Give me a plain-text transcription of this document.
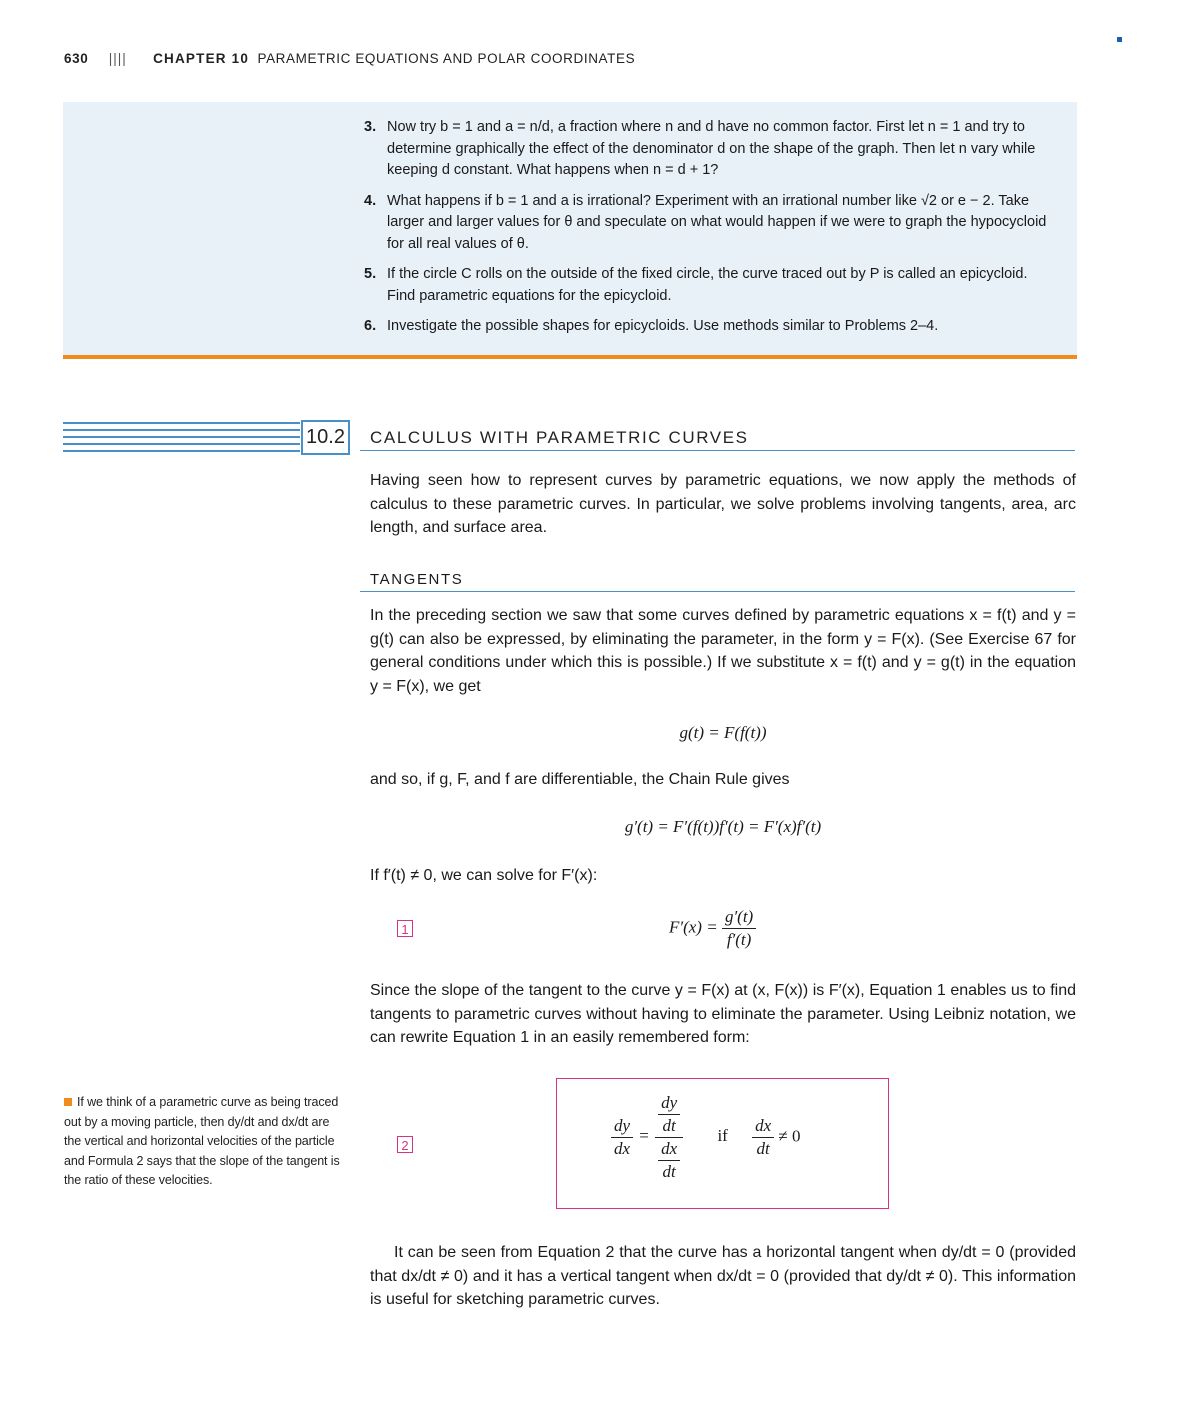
630 |||| CHAPTER 10 PARAMETRIC EQUATIONS AND POLAR COORDINATES
3. Now try b = 1 and a = n/d, a fraction where n and d have no common factor. First let n = 1 and try to determine graphically the effect of the denominator d on the shape of the graph. Then let n vary while keeping d constant. What happens when n = d + 1?
4. What happens if b = 1 and a is irrational? Experiment with an irrational number like √2 or e − 2. Take larger and larger values for θ and speculate on what would happen if we were to graph the hypocycloid for all real values of θ.
5. If the circle C rolls on the outside of the fixed circle, the curve traced out by P is called an epicycloid. Find parametric equations for the epicycloid.
6. Investigate the possible shapes for epicycloids. Use methods similar to Problems 2–4.
10.2 CALCULUS WITH PARAMETRIC CURVES
Having seen how to represent curves by parametric equations, we now apply the methods of calculus to these parametric curves. In particular, we solve problems involving tangents, area, arc length, and surface area.
TANGENTS
In the preceding section we saw that some curves defined by parametric equations x = f(t) and y = g(t) can also be expressed, by eliminating the parameter, in the form y = F(x). (See Exercise 67 for general conditions under which this is possible.) If we substitute x = f(t) and y = g(t) in the equation y = F(x), we get
g(t) = F(f(t))
and so, if g, F, and f are differentiable, the Chain Rule gives
g′(t) = F′(f(t))f′(t) = F′(x)f′(t)
If f′(t) ≠ 0, we can solve for F′(x):
1	$F'(x) = \frac{g'(t)}{f'(t)}$
Since the slope of the tangent to the curve y = F(x) at (x, F(x)) is F′(x), Equation 1 enables us to find tangents to parametric curves without having to eliminate the parameter. Using Leibniz notation, we can rewrite Equation 1 in an easily remembered form:
2	$\frac{dy}{dx} = \frac{\frac{dy}{dt}}{\frac{dx}{dt}}$ if $\frac{dx}{dt} \ne 0$
If we think of a parametric curve as being traced out by a moving particle, then dy/dt and dx/dt are the vertical and horizontal velocities of the particle and Formula 2 says that the slope of the tangent is the ratio of these velocities.
It can be seen from Equation 2 that the curve has a horizontal tangent when dy/dt = 0 (provided that dx/dt ≠ 0) and it has a vertical tangent when dx/dt = 0 (provided that dy/dt ≠ 0). This information is useful for sketching parametric curves.
